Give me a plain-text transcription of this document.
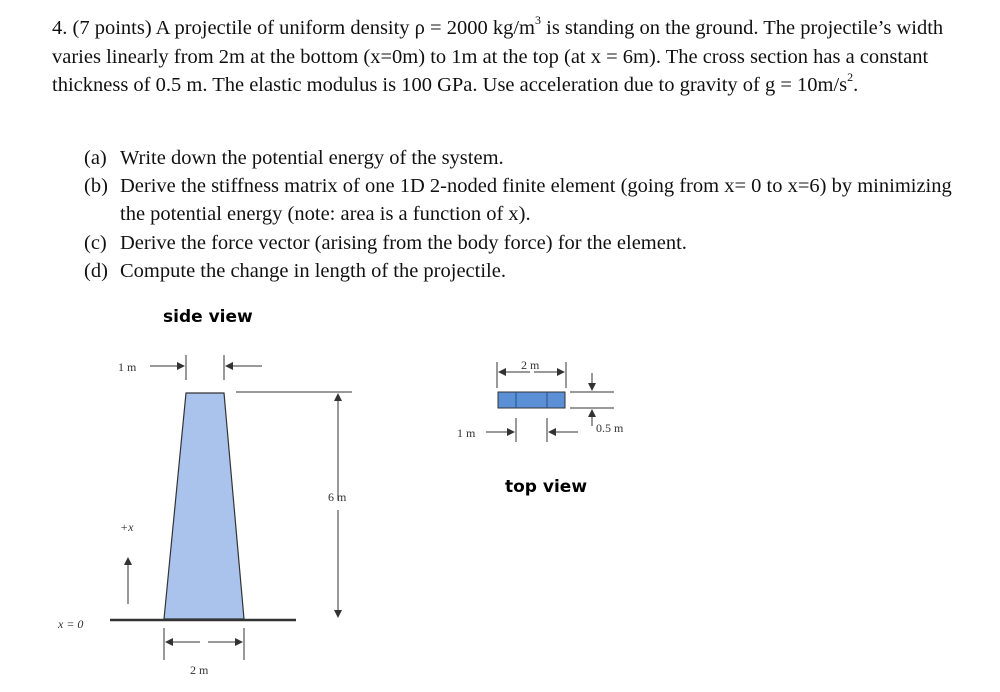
4. (7 points) A projectile of uniform density ρ = 2000 $kg/m^3$ is standing on the ground. The projectile’s width varies linearly from 2m at the bottom (x=0m) to 1m at the top (at x = 6m). The cross section has a constant thickness of 0.5 m. The elastic modulus is 100 GPa. Use acceleration due to gravity of $g = 10m/s^2$.

(a) Write down the potential energy of the system.
(b) Derive the stiffness matrix of one 1D 2-noded finite element (going from x= 0 to x=6) by minimizing the potential energy (note: area is a function of x).
(c) Derive the force vector (arising from the body force) for the element.
(d) Compute the change in length of the projectile.
side view
1 m
6 m
+x
x = 0
2 m
2 m
0.5 m
1 m
top view
